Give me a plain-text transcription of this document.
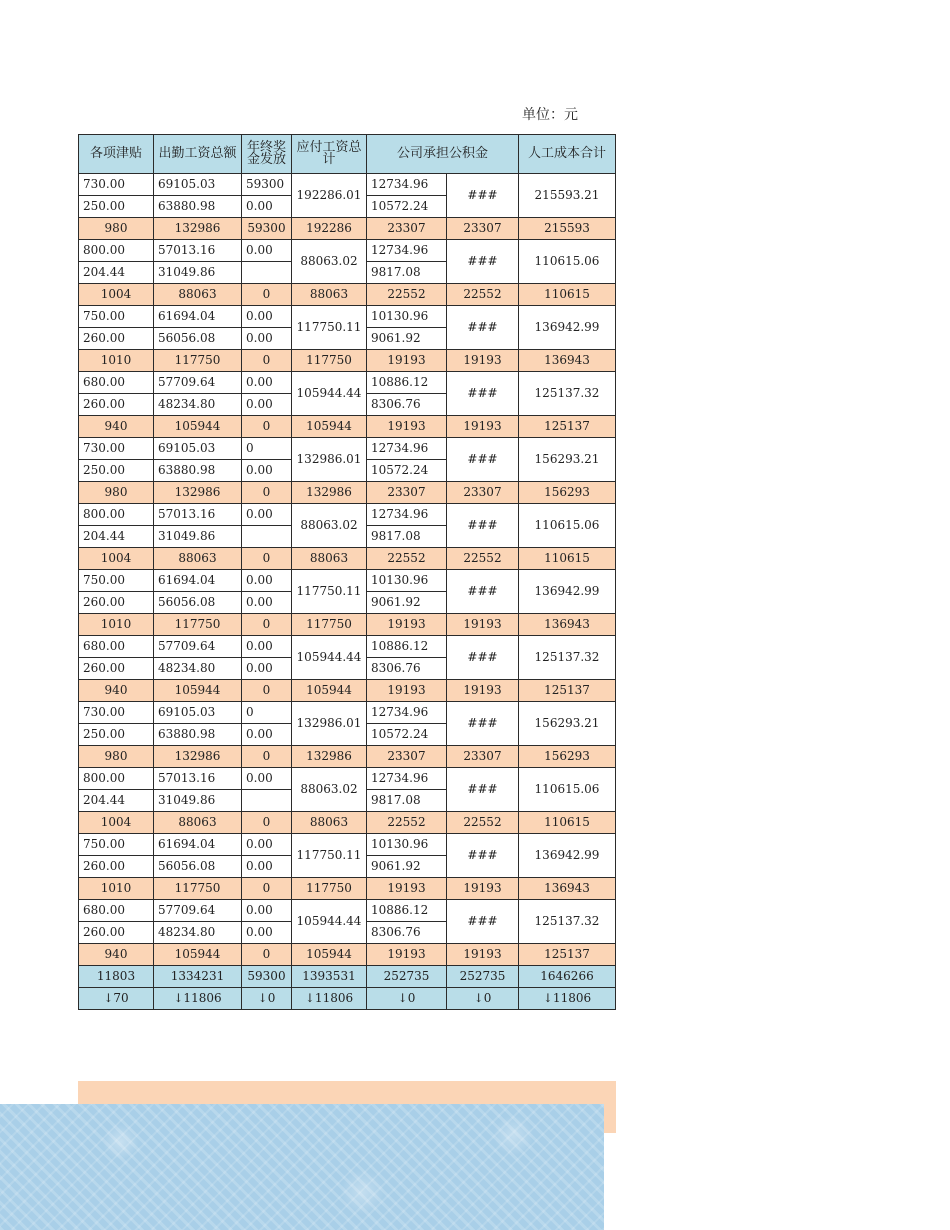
单位：元
各项津贴	出勤工资总额	年终奖金发放	应付工资总计	公司承担公积金		人工成本合计
730.00	69105.03	59300	192286.01	12734.96	###	215593.21
250.00	63880.98	0.00		10572.24		
980	132986	59300	192286	23307	23307	215593
800.00	57013.16	0.00	88063.02	12734.96	###	110615.06
204.44	31049.86			9817.08		
1004	88063	0	88063	22552	22552	110615
750.00	61694.04	0.00	117750.11	10130.96	###	136942.99
260.00	56056.08	0.00		9061.92		
1010	117750	0	117750	19193	19193	136943
680.00	57709.64	0.00	105944.44	10886.12	###	125137.32
260.00	48234.80	0.00		8306.76		
940	105944	0	105944	19193	19193	125137
730.00	69105.03	0	132986.01	12734.96	###	156293.21
250.00	63880.98	0.00		10572.24		
980	132986	0	132986	23307	23307	156293
800.00	57013.16	0.00	88063.02	12734.96	###	110615.06
204.44	31049.86			9817.08		
1004	88063	0	88063	22552	22552	110615
750.00	61694.04	0.00	117750.11	10130.96	###	136942.99
260.00	56056.08	0.00		9061.92		
1010	117750	0	117750	19193	19193	136943
680.00	57709.64	0.00	105944.44	10886.12	###	125137.32
260.00	48234.80	0.00		8306.76		
940	105944	0	105944	19193	19193	125137
730.00	69105.03	0	132986.01	12734.96	###	156293.21
250.00	63880.98	0.00		10572.24		
980	132986	0	132986	23307	23307	156293
800.00	57013.16	0.00	88063.02	12734.96	###	110615.06
204.44	31049.86			9817.08		
1004	88063	0	88063	22552	22552	110615
750.00	61694.04	0.00	117750.11	10130.96	###	136942.99
260.00	56056.08	0.00		9061.92		
1010	117750	0	117750	19193	19193	136943
680.00	57709.64	0.00	105944.44	10886.12	###	125137.32
260.00	48234.80	0.00		8306.76		
940	105944	0	105944	19193	19193	125137
11803	1334231	59300	1393531	252735	252735	1646266
↓70	↓11806	↓0	↓11806	↓0	↓0	↓11806
